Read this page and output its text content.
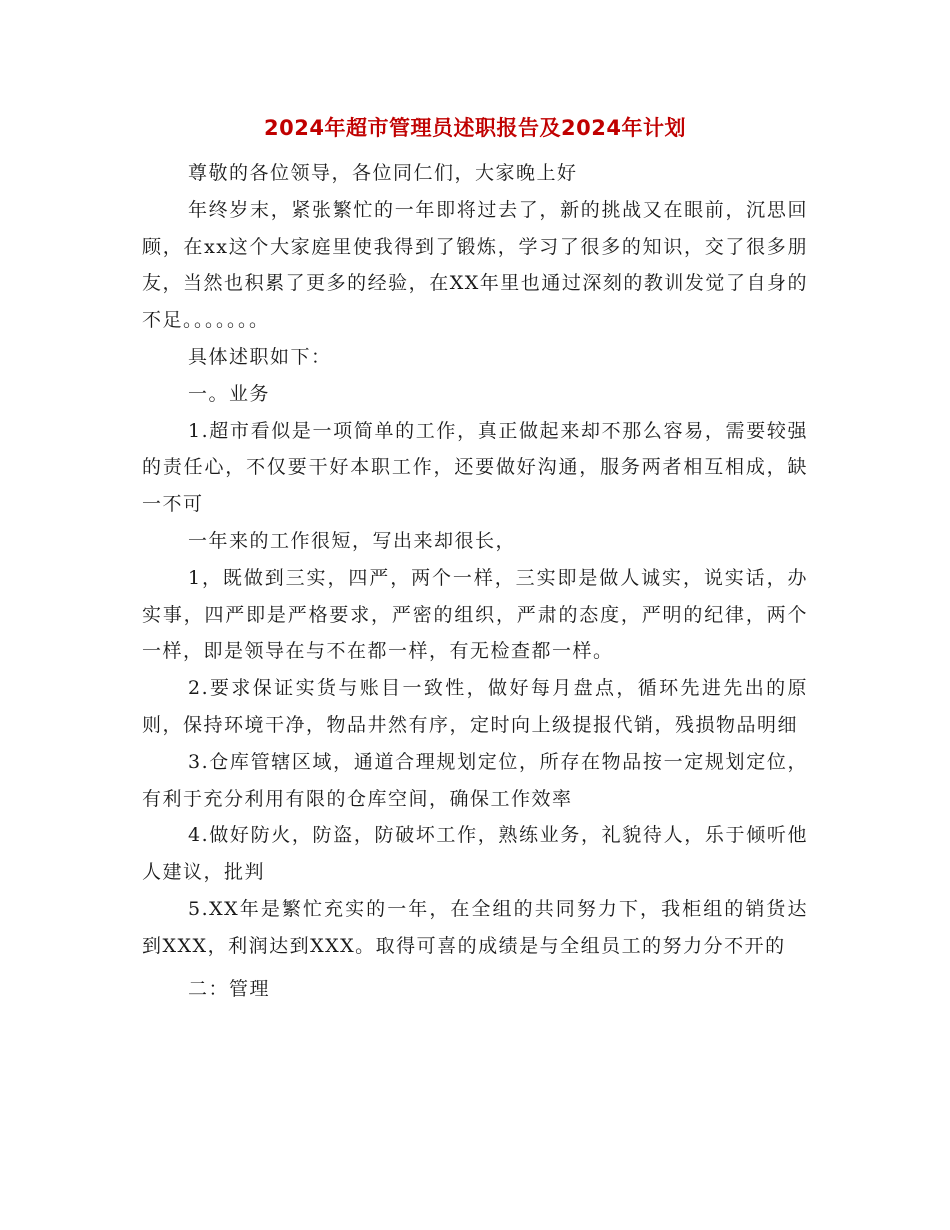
2024年超市管理员述职报告及2024年计划

尊敬的各位领导，各位同仁们，大家晚上好

年终岁末，紧张繁忙的一年即将过去了，新的挑战又在眼前，沉思回顾，在xx这个大家庭里使我得到了锻炼，学习了很多的知识，交了很多朋友，当然也积累了更多的经验，在XX年里也通过深刻的教训发觉了自身的不足。。。。。。。

具体述职如下：

一。业务

1.超市看似是一项简单的工作，真正做起来却不那么容易，需要较强的责任心，不仅要干好本职工作，还要做好沟通，服务两者相互相成，缺一不可

一年来的工作很短，写出来却很长，

1，既做到三实，四严，两个一样，三实即是做人诚实，说实话，办实事，四严即是严格要求，严密的组织，严肃的态度，严明的纪律，两个一样，即是领导在与不在都一样，有无检查都一样。

2.要求保证实货与账目一致性，做好每月盘点，循环先进先出的原则，保持环境干净，物品井然有序，定时向上级提报代销，残损物品明细

3.仓库管辖区域，通道合理规划定位，所存在物品按一定规划定位，有利于充分利用有限的仓库空间，确保工作效率

4.做好防火，防盗，防破坏工作，熟练业务，礼貌待人，乐于倾听他人建议，批判

5.XX年是繁忙充实的一年，在全组的共同努力下，我柜组的销货达到XXX，利润达到XXX。取得可喜的成绩是与全组员工的努力分不开的

二：管理
